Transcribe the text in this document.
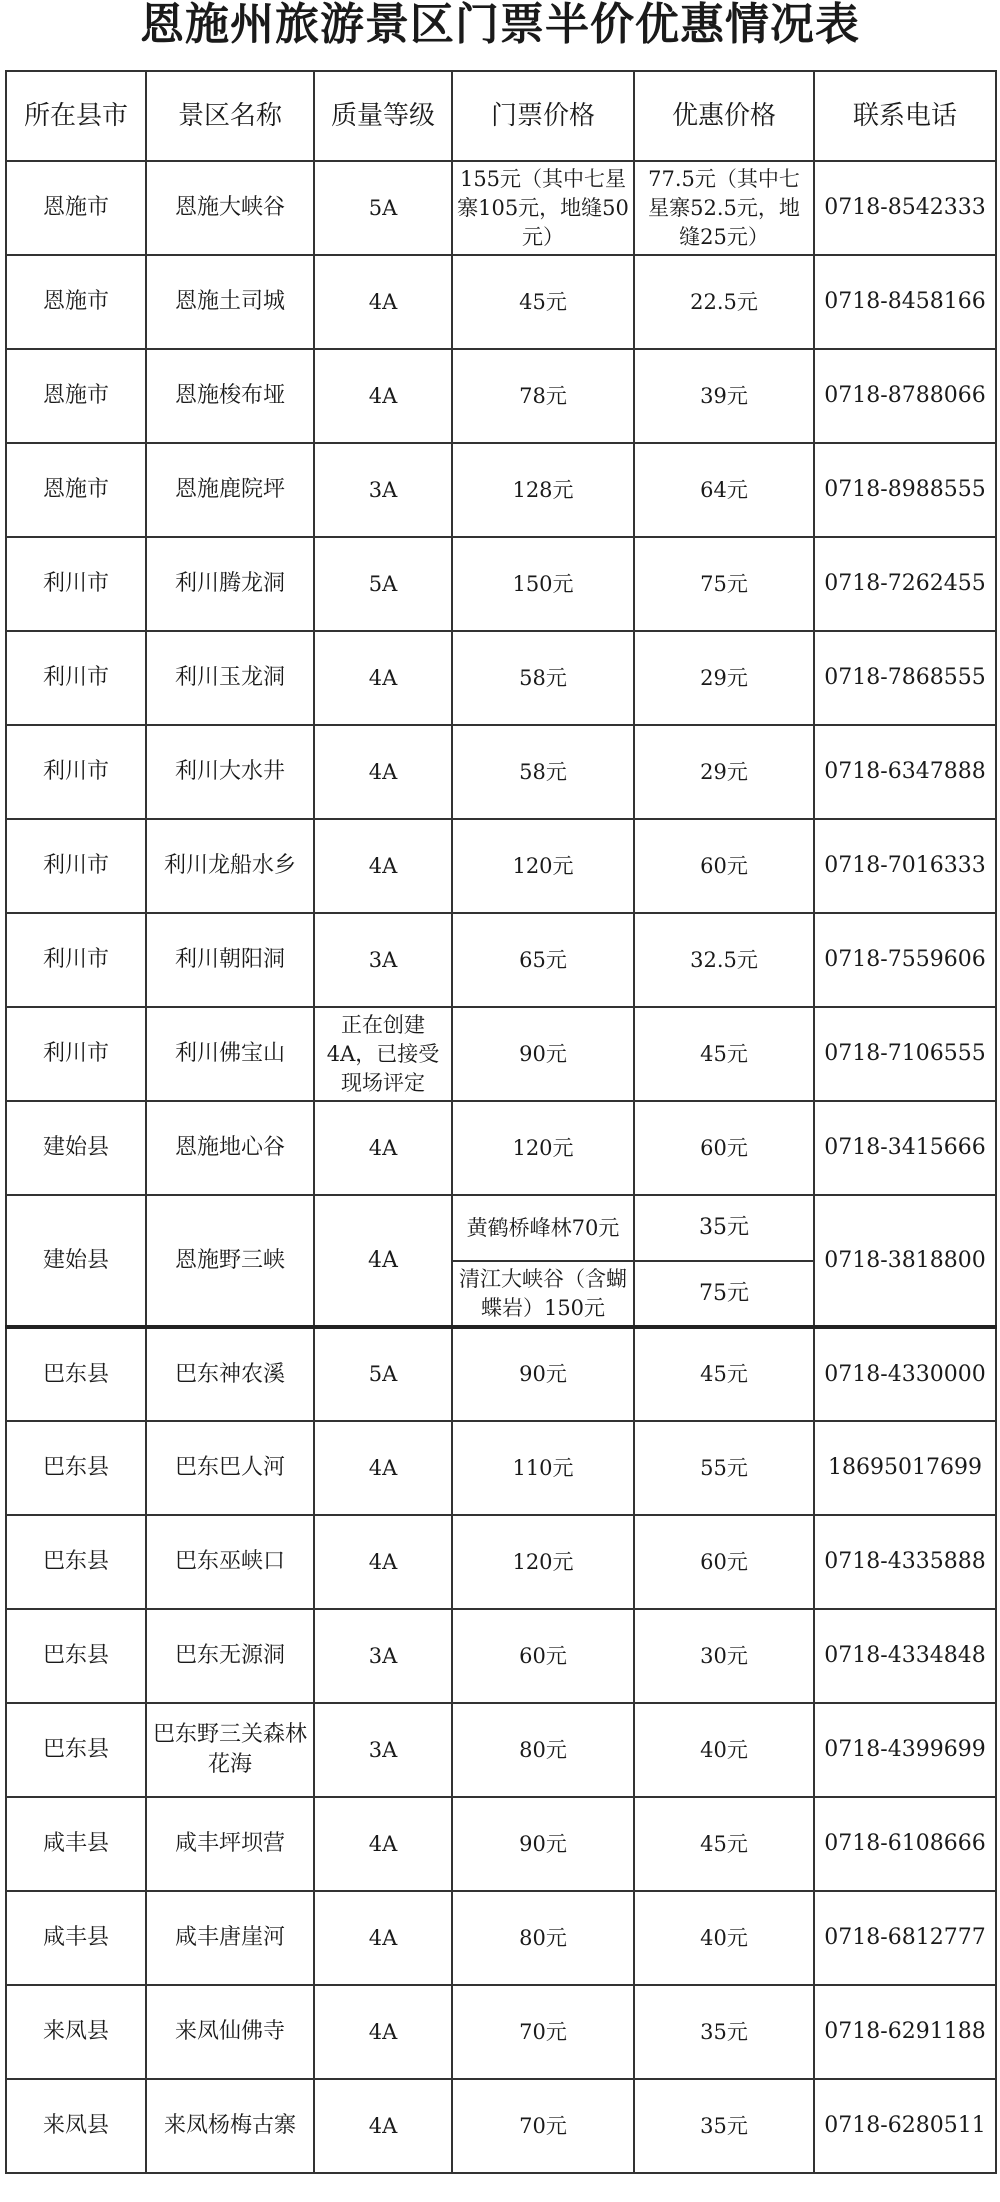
恩施州旅游景区门票半价优惠情况表
所在县市	景区名称	质量等级	门票价格	优惠价格	联系电话
恩施市	恩施大峡谷	5A	155元（其中七星寨105元，地缝50元）	77.5元（其中七星寨52.5元，地缝25元）	0718-8542333
恩施市	恩施土司城	4A	45元	22.5元	0718-8458166
恩施市	恩施梭布垭	4A	78元	39元	0718-8788066
恩施市	恩施鹿院坪	3A	128元	64元	0718-8988555
利川市	利川腾龙洞	5A	150元	75元	0718-7262455
利川市	利川玉龙洞	4A	58元	29元	0718-7868555
利川市	利川大水井	4A	58元	29元	0718-6347888
利川市	利川龙船水乡	4A	120元	60元	0718-7016333
利川市	利川朝阳洞	3A	65元	32.5元	0718-7559606
利川市	利川佛宝山	正在创建4A，已接受现场评定	90元	45元	0718-7106555
建始县	恩施地心谷	4A	120元	60元	0718-3415666
建始县	恩施野三峡	4A	黄鹤桥峰林70元	35元	0718-3818800
			清江大峡谷（含蝴蝶岩）150元	75元	
巴东县	巴东神农溪	5A	90元	45元	0718-4330000
巴东县	巴东巴人河	4A	110元	55元	18695017699
巴东县	巴东巫峡口	4A	120元	60元	0718-4335888
巴东县	巴东无源洞	3A	60元	30元	0718-4334848
巴东县	巴东野三关森林花海	3A	80元	40元	0718-4399699
咸丰县	咸丰坪坝营	4A	90元	45元	0718-6108666
咸丰县	咸丰唐崖河	4A	80元	40元	0718-6812777
来凤县	来凤仙佛寺	4A	70元	35元	0718-6291188
来凤县	来凤杨梅古寨	4A	70元	35元	0718-6280511
